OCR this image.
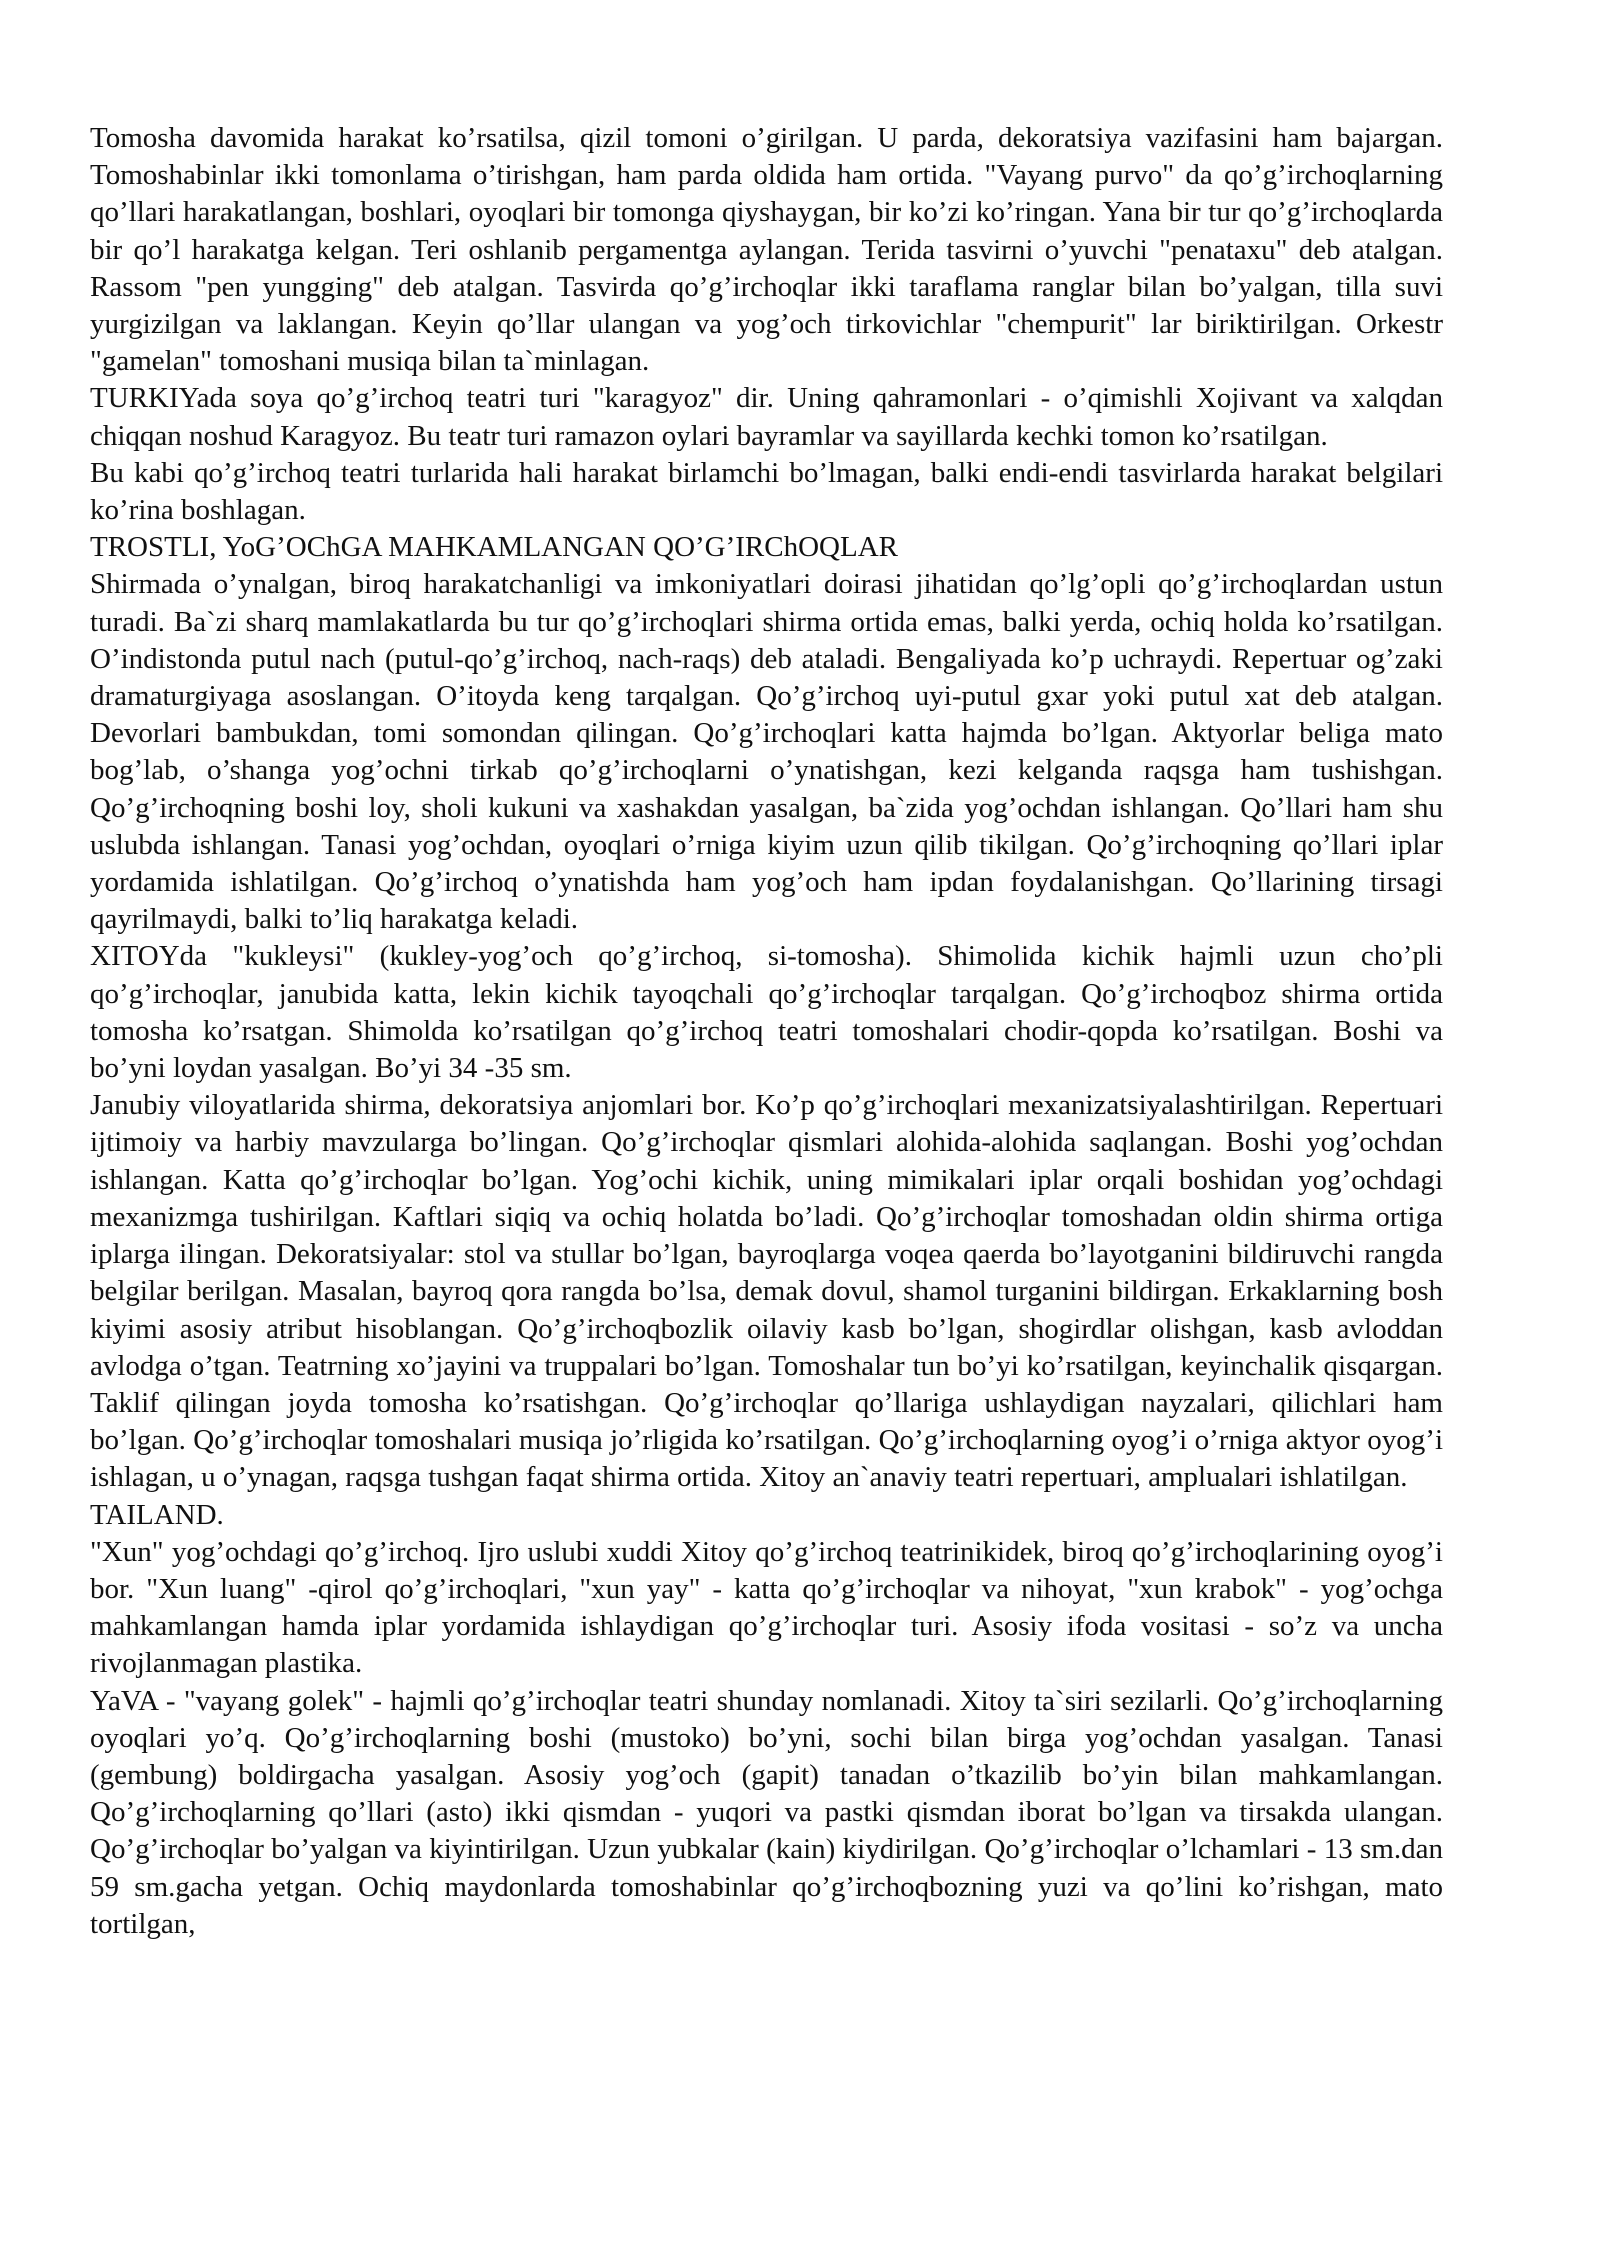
Tomosha davomida harakat ko’rsatilsa, qizil tomoni o’girilgan. U parda, dekoratsiya vazifasini ham bajargan. Tomoshabinlar ikki tomonlama o’tirishgan, ham parda oldida ham ortida. "Vayang purvo" da qo’g’irchoqlarning qo’llari harakatlangan, boshlari, oyoqlari bir tomonga qiyshaygan, bir ko’zi ko’ringan. Yana bir tur qo’g’irchoqlarda bir qo’l harakatga kelgan. Teri oshlanib pergamentga aylangan. Terida tasvirni o’yuvchi "penataxu" deb atalgan. Rassom "pen yungging" deb atalgan. Tasvirda qo’g’irchoqlar ikki taraflama ranglar bilan bo’yalgan, tilla suvi yurgizilgan va laklangan. Keyin qo’llar ulangan va yog’och tirkovichlar "chempurit" lar biriktirilgan. Orkestr "gamelan" tomoshani musiqa bilan ta`minlagan.

TURKIYada soya qo’g’irchoq teatri turi "karagyoz" dir. Uning qahramonlari - o’qimishli Xojivant va xalqdan chiqqan noshud Karagyoz. Bu teatr turi ramazon oylari bayramlar va sayillarda kechki tomon ko’rsatilgan.

Bu kabi qo’g’irchoq teatri turlarida hali harakat birlamchi bo’lmagan, balki endi-endi tasvirlarda harakat belgilari ko’rina boshlagan.

TROSTLI, YoG’OChGA MAHKAMLANGAN QO’G’IRChOQLAR

Shirmada o’ynalgan, biroq harakatchanligi va imkoniyatlari doirasi jihatidan qo’lg’opli qo’g’irchoqlardan ustun turadi. Ba`zi sharq mamlakatlarda bu tur qo’g’irchoqlari shirma ortida emas, balki yerda, ochiq holda ko’rsatilgan. O’indistonda putul nach (putul-qo’g’irchoq, nach-raqs) deb ataladi. Bengaliyada ko’p uchraydi. Repertuar og’zaki dramaturgiyaga asoslangan. O’itoyda keng tarqalgan. Qo’g’irchoq uyi-putul gxar yoki putul xat deb atalgan. Devorlari bambukdan, tomi somondan qilingan. Qo’g’irchoqlari katta hajmda bo’lgan. Aktyorlar beliga mato bog’lab, o’shanga yog’ochni tirkab qo’g’irchoqlarni o’ynatishgan, kezi kelganda raqsga ham tushishgan. Qo’g’irchoqning boshi loy, sholi kukuni va xashakdan yasalgan, ba`zida yog’ochdan ishlangan. Qo’llari ham shu uslubda ishlangan. Tanasi yog’ochdan, oyoqlari o’rniga kiyim uzun qilib tikilgan. Qo’g’irchoqning qo’llari iplar yordamida ishlatilgan. Qo’g’irchoq o’ynatishda ham yog’och ham ipdan foydalanishgan. Qo’llarining tirsagi qayrilmaydi, balki to’liq harakatga keladi.

XITOYda "kukleysi" (kukley-yog’och qo’g’irchoq, si-tomosha). Shimolida kichik hajmli uzun cho’pli qo’g’irchoqlar, janubida katta, lekin kichik tayoqchali qo’g’irchoqlar tarqalgan. Qo’g’irchoqboz shirma ortida tomosha ko’rsatgan. Shimolda ko’rsatilgan qo’g’irchoq teatri tomoshalari chodir-qopda ko’rsatilgan. Boshi va bo’yni loydan yasalgan. Bo’yi 34 -35 sm.

Janubiy viloyatlarida shirma, dekoratsiya anjomlari bor. Ko’p qo’g’irchoqlari mexanizatsiyalashtirilgan. Repertuari ijtimoiy va harbiy mavzularga bo’lingan. Qo’g’irchoqlar qismlari alohida-alohida saqlangan. Boshi yog’ochdan ishlangan. Katta qo’g’irchoqlar bo’lgan. Yog’ochi kichik, uning mimikalari iplar orqali boshidan yog’ochdagi mexanizmga tushirilgan. Kaftlari siqiq va ochiq holatda bo’ladi. Qo’g’irchoqlar tomoshadan oldin shirma ortiga iplarga ilingan. Dekoratsiyalar: stol va stullar bo’lgan, bayroqlarga voqea qaerda bo’layotganini bildiruvchi rangda belgilar berilgan. Masalan, bayroq qora rangda bo’lsa, demak dovul, shamol turganini bildirgan. Erkaklarning bosh kiyimi asosiy atribut hisoblangan. Qo’g’irchoqbozlik oilaviy kasb bo’lgan, shogirdlar olishgan, kasb avloddan avlodga o’tgan. Teatrning xo’jayini va truppalari bo’lgan. Tomoshalar tun bo’yi ko’rsatilgan, keyinchalik qisqargan. Taklif qilingan joyda tomosha ko’rsatishgan. Qo’g’irchoqlar qo’llariga ushlaydigan nayzalari, qilichlari ham bo’lgan. Qo’g’irchoqlar tomoshalari musiqa jo’rligida ko’rsatilgan. Qo’g’irchoqlarning oyog’i o’rniga aktyor oyog’i ishlagan, u o’ynagan, raqsga tushgan faqat shirma ortida. Xitoy an`anaviy teatri repertuari, amplualari ishlatilgan.

TAILAND.

"Xun" yog’ochdagi qo’g’irchoq. Ijro uslubi xuddi Xitoy qo’g’irchoq teatrinikidek, biroq qo’g’irchoqlarining oyog’i bor. "Xun luang" -qirol qo’g’irchoqlari, "xun yay" - katta qo’g’irchoqlar va nihoyat, "xun krabok" - yog’ochga mahkamlangan hamda iplar yordamida ishlaydigan qo’g’irchoqlar turi. Asosiy ifoda vositasi - so’z va uncha rivojlanmagan plastika.

YaVA - "vayang golek" - hajmli qo’g’irchoqlar teatri shunday nomlanadi. Xitoy ta`siri sezilarli. Qo’g’irchoqlarning oyoqlari yo’q. Qo’g’irchoqlarning boshi (mustoko) bo’yni, sochi bilan birga yog’ochdan yasalgan. Tanasi (gembung) boldirgacha yasalgan. Asosiy yog’och (gapit) tanadan o’tkazilib bo’yin bilan mahkamlangan. Qo’g’irchoqlarning qo’llari (asto) ikki qismdan - yuqori va pastki qismdan iborat bo’lgan va tirsakda ulangan. Qo’g’irchoqlar bo’yalgan va kiyintirilgan. Uzun yubkalar (kain) kiydirilgan. Qo’g’irchoqlar o’lchamlari - 13 sm.dan 59 sm.gacha yetgan. Ochiq maydonlarda tomoshabinlar qo’g’irchoqbozning yuzi va qo’lini ko’rishgan, mato tortilgan,
